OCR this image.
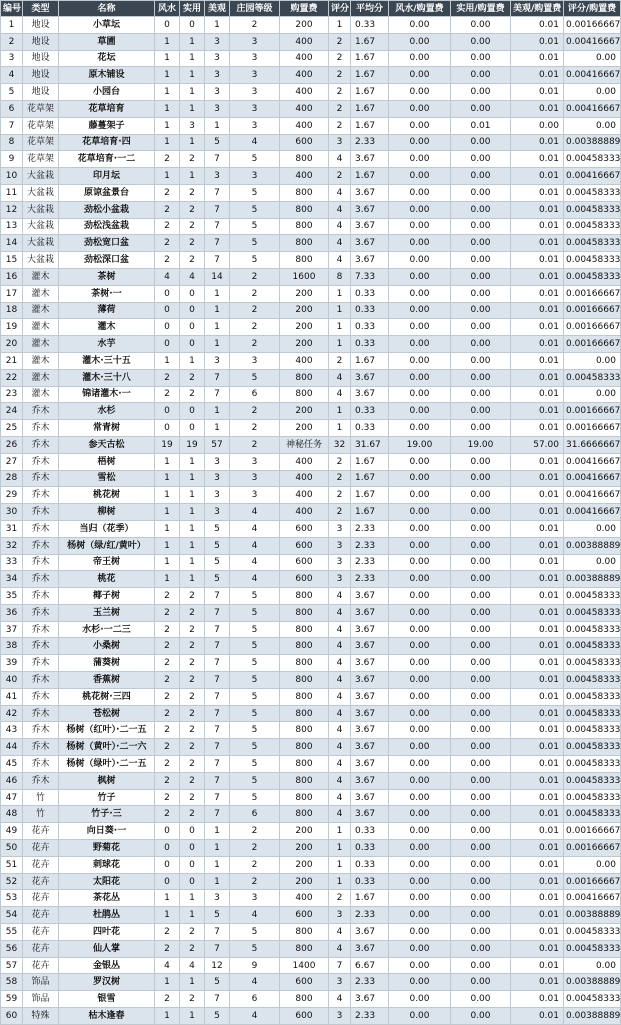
编号	类型	名称	风水	实用	美观	庄园等级	购置费	评分	平均分	风水/购置费	实用/购置费	美观/购置费	评分/购置费
1	地设	小草坛	0	0	1	2	200	1	0.33	0.00	0.00	0.01	0.00166667
2	地设	草圃	1	1	3	3	400	2	1.67	0.00	0.00	0.01	0.00416667
3	地设	花坛	1	1	3	3	400	2	1.67	0.00	0.00	0.01	0.00
4	地设	原木铺设	1	1	3	3	400	2	1.67	0.00	0.00	0.01	0.00416667
5	地设	小园台	1	1	3	3	400	2	1.67	0.00	0.00	0.01	0.00
6	花草架	花草培育	1	1	3	3	400	2	1.67	0.00	0.00	0.01	0.00416667
7	花草架	藤蔓架子	1	3	1	3	400	2	1.67	0.00	0.01	0.00	0.00
8	花草架	花草培育·四	1	1	5	4	600	3	2.33	0.00	0.00	0.01	0.00388889
9	花草架	花草培育·一二	2	2	7	5	800	4	3.67	0.00	0.00	0.01	0.00458333
10	大盆栽	印月坛	1	1	3	3	400	2	1.67	0.00	0.00	0.01	0.00416667
11	大盆栽	原谅盆景台	2	2	7	5	800	4	3.67	0.00	0.00	0.01	0.00458333
12	大盆栽	劲松小盆栽	2	2	7	5	800	4	3.67	0.00	0.00	0.01	0.00458333
13	大盆栽	劲松浅盆栽	2	2	7	5	800	4	3.67	0.00	0.00	0.01	0.00458333
14	大盆栽	劲松宽口盆	2	2	7	5	800	4	3.67	0.00	0.00	0.01	0.00458333
15	大盆栽	劲松深口盆	2	2	7	5	800	4	3.67	0.00	0.00	0.01	0.00458333
16	灌木	茶树	4	4	14	2	1600	8	7.33	0.00	0.00	0.01	0.00458333
17	灌木	茶树·一	0	0	1	2	200	1	0.33	0.00	0.00	0.01	0.00166667
18	灌木	薄荷	0	0	1	2	200	1	0.33	0.00	0.00	0.01	0.00166667
19	灌木	灌木	0	0	1	2	200	1	0.33	0.00	0.00	0.01	0.00166667
20	灌木	水芋	0	0	1	2	200	1	0.33	0.00	0.00	0.01	0.00166667
21	灌木	灌木·三十五	1	1	3	3	400	2	1.67	0.00	0.00	0.01	0.00
22	灌木	灌木·三十八	2	2	7	5	800	4	3.67	0.00	0.00	0.01	0.00458333
23	灌木	锦诸灌木·一	2	2	7	6	800	4	3.67	0.00	0.00	0.01	0.00
24	乔木	水杉	0	0	1	2	200	1	0.33	0.00	0.00	0.01	0.00166667
25	乔木	常青树	0	0	1	2	200	1	0.33	0.00	0.00	0.01	0.00166667
26	乔木	参天古松	19	19	57	2	神秘任务	32	31.67	19.00	19.00	57.00	31.6666667
27	乔木	梧树	1	1	3	3	400	2	1.67	0.00	0.00	0.01	0.00416667
28	乔木	雪松	1	1	3	3	400	2	1.67	0.00	0.00	0.01	0.00416667
29	乔木	桃花树	1	1	3	3	400	2	1.67	0.00	0.00	0.01	0.00416667
30	乔木	柳树	1	1	3	4	400	2	1.67	0.00	0.00	0.01	0.00416667
31	乔木	当归（花季）	1	1	5	4	600	3	2.33	0.00	0.00	0.01	0.00
32	乔木	杨树（绿/红/黄叶）	1	1	5	4	600	3	2.33	0.00	0.00	0.01	0.00388889
33	乔木	帝王树	1	1	5	4	600	3	2.33	0.00	0.00	0.01	0.00
34	乔木	桃花	1	1	5	4	600	3	2.33	0.00	0.00	0.01	0.00388889
35	乔木	椰子树	2	2	7	5	800	4	3.67	0.00	0.00	0.01	0.00458333
36	乔木	玉兰树	2	2	7	5	800	4	3.67	0.00	0.00	0.01	0.00458333
37	乔木	水杉·一二三	2	2	7	5	800	4	3.67	0.00	0.00	0.01	0.00458333
38	乔木	小桑树	2	2	7	5	800	4	3.67	0.00	0.00	0.01	0.00458333
39	乔木	蒲葵树	2	2	7	5	800	4	3.67	0.00	0.00	0.01	0.00458333
40	乔木	香蕉树	2	2	7	5	800	4	3.67	0.00	0.00	0.01	0.00458333
41	乔木	桃花树·三四	2	2	7	5	800	4	3.67	0.00	0.00	0.01	0.00458333
42	乔木	苍松树	2	2	7	5	800	4	3.67	0.00	0.00	0.01	0.00458333
43	乔木	杨树（红叶）·二一五	2	2	7	5	800	4	3.67	0.00	0.00	0.01	0.00458333
44	乔木	杨树（黄叶）·二一六	2	2	7	5	800	4	3.67	0.00	0.00	0.01	0.00458333
45	乔木	杨树（绿叶）·二一五	2	2	7	5	800	4	3.67	0.00	0.00	0.01	0.00458333
46	乔木	枫树	2	2	7	5	800	4	3.67	0.00	0.00	0.01	0.00458333
47	竹	竹子	2	2	7	5	800	4	3.67	0.00	0.00	0.01	0.00458333
48	竹	竹子·三	2	2	7	6	800	4	3.67	0.00	0.00	0.01	0.00458333
49	花卉	向日葵·一	0	0	1	2	200	1	0.33	0.00	0.00	0.01	0.00166667
50	花卉	野菊花	0	0	1	2	200	1	0.33	0.00	0.00	0.01	0.00166667
51	花卉	刺球花	0	0	1	2	200	1	0.33	0.00	0.00	0.01	0.00
52	花卉	太阳花	0	0	1	2	200	1	0.33	0.00	0.00	0.01	0.00166667
53	花卉	茶花丛	1	1	3	3	400	2	1.67	0.00	0.00	0.01	0.00416667
54	花卉	杜鹃丛	1	1	5	4	600	3	2.33	0.00	0.00	0.01	0.00388889
55	花卉	四叶花	2	2	7	5	800	4	3.67	0.00	0.00	0.01	0.00458333
56	花卉	仙人掌	2	2	7	5	800	4	3.67	0.00	0.00	0.01	0.00458333
57	花卉	金银丛	4	4	12	9	1400	7	6.67	0.00	0.00	0.01	0.00
58	饰品	罗汉树	1	1	5	4	600	3	2.33	0.00	0.00	0.01	0.00388889
59	饰品	银雪	2	2	7	6	800	4	3.67	0.00	0.00	0.01	0.00458333
60	特殊	枯木逢春	1	1	5	4	600	3	2.33	0.00	0.00	0.01	0.00388889
